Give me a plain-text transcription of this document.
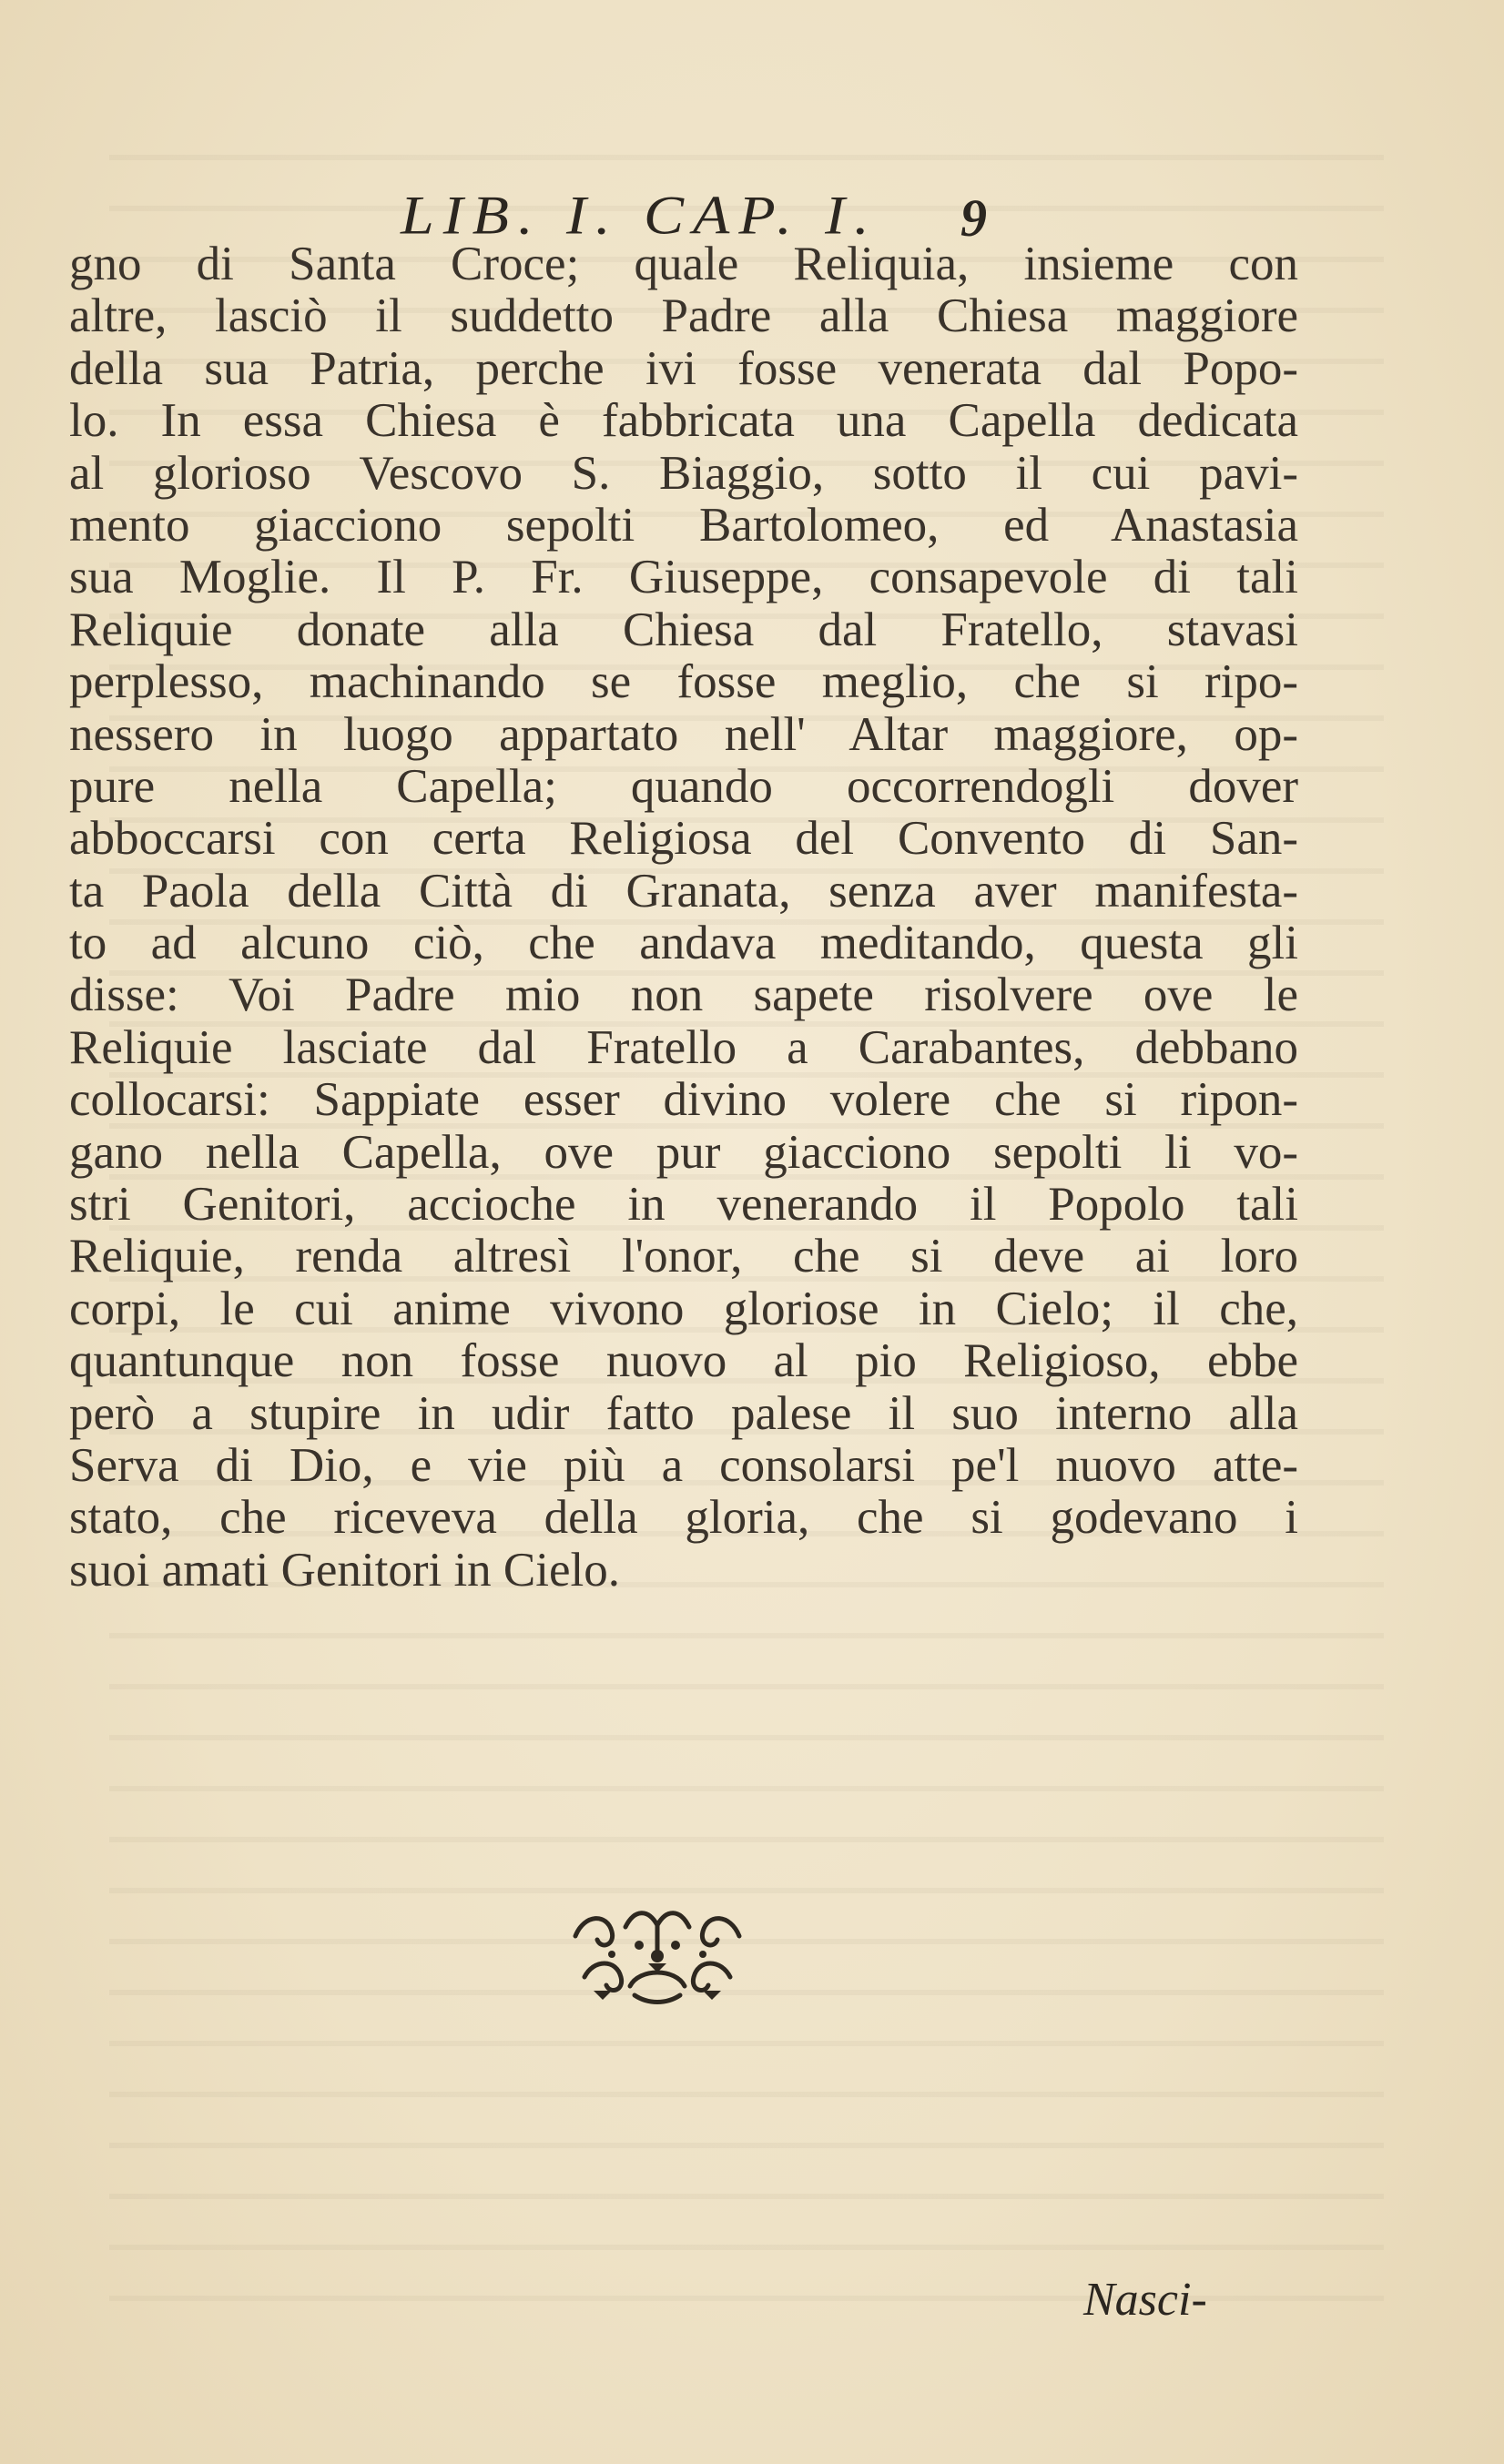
LIB. I. CAP. I. 9
gno di Santa Croce; quale Reliquia, insieme con
altre, lasciò il suddetto Padre alla Chiesa maggiore
della sua Patria, perche ivi fosse venerata dal Popo-
lo. In essa Chiesa è fabbricata una Capella dedicata
al glorioso Vescovo S. Biaggio, sotto il cui pavi-
mento giacciono sepolti Bartolomeo, ed Anastasia
sua Moglie. Il P. Fr. Giuseppe, consapevole di tali
Reliquie donate alla Chiesa dal Fratello, stavasi
perplesso, machinando se fosse meglio, che si ripo-
nessero in luogo appartato nell' Altar maggiore, op-
pure nella Capella; quando occorrendogli dover
abboccarsi con certa Religiosa del Convento di San-
ta Paola della Città di Granata, senza aver manifesta-
to ad alcuno ciò, che andava meditando, questa gli
disse: Voi Padre mio non sapete risolvere ove le
Reliquie lasciate dal Fratello a Carabantes, debbano
collocarsi: Sappiate esser divino volere che si ripon-
gano nella Capella, ove pur giacciono sepolti li vo-
stri Genitori, accioche in venerando il Popolo tali
Reliquie, renda altresì l'onor, che si deve ai loro
corpi, le cui anime vivono gloriose in Cielo; il che,
quantunque non fosse nuovo al pio Religioso, ebbe
però a stupire in udir fatto palese il suo interno alla
Serva di Dio, e vie più a consolarsi pe'l nuovo atte-
stato, che riceveva della gloria, che si godevano i
suoi amati Genitori in Cielo.
Nasci-
